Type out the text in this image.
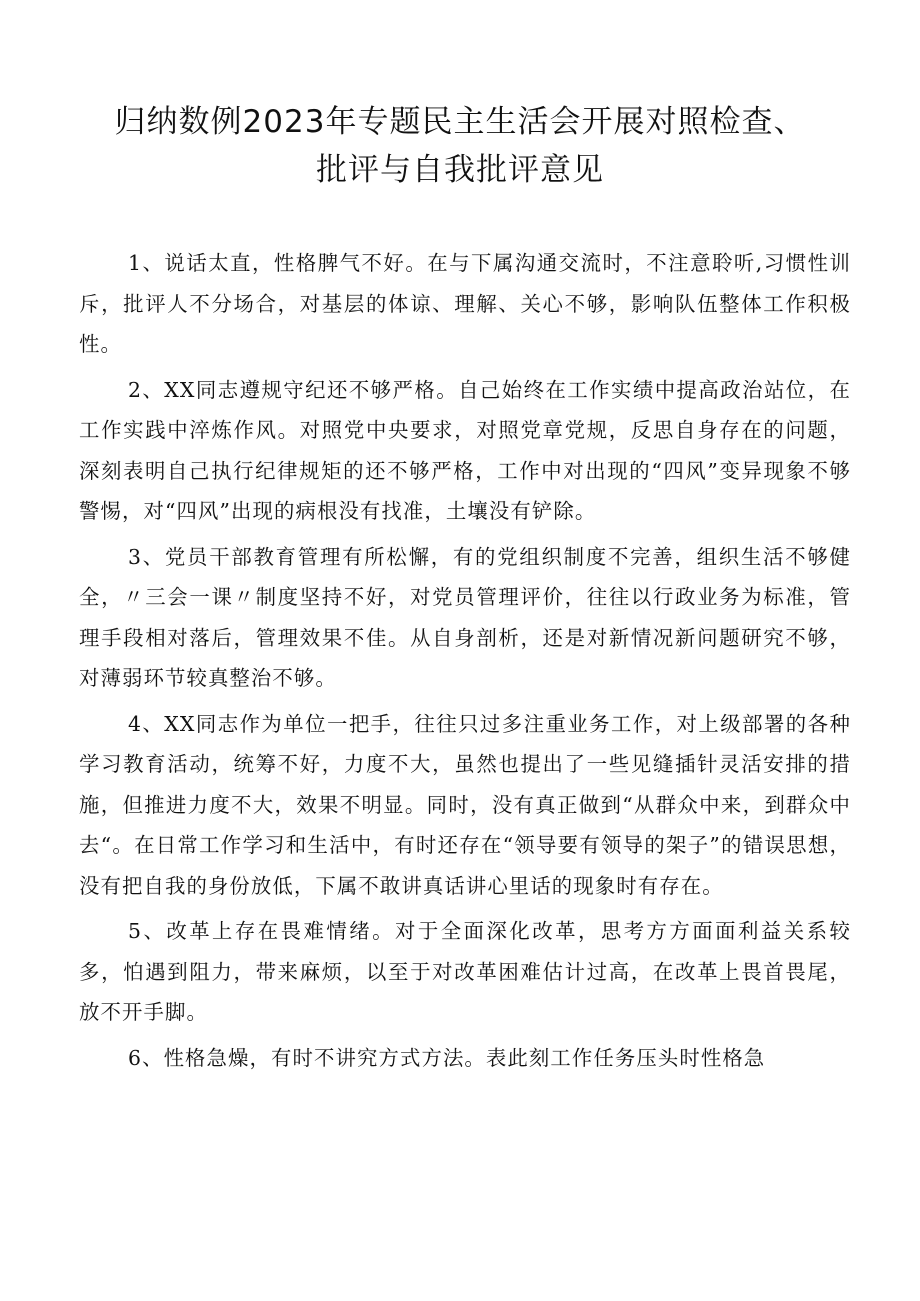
归纳数例2023年专题民主生活会开展对照检查、
批评与自我批评意见

1、说话太直，性格脾气不好。在与下属沟通交流时，不注意聆听,习惯性训斥，批评人不分场合，对基层的体谅、理解、关心不够，影响队伍整体工作积极性。

2、XX同志遵规守纪还不够严格。自己始终在工作实绩中提高政治站位，在工作实践中淬炼作风。对照党中央要求，对照党章党规，反思自身存在的问题，深刻表明自己执行纪律规矩的还不够严格，工作中对出现的“四风”变异现象不够警惕，对“四风”出现的病根没有找准，土壤没有铲除。

3、党员干部教育管理有所松懈，有的党组织制度不完善，组织生活不够健全，〃三会一课〃制度坚持不好，对党员管理评价，往往以行政业务为标准，管理手段相对落后，管理效果不佳。从自身剖析，还是对新情况新问题研究不够，对薄弱环节较真整治不够。

4、XX同志作为单位一把手，往往只过多注重业务工作，对上级部署的各种学习教育活动，统筹不好，力度不大，虽然也提出了一些见缝插针灵活安排的措施，但推进力度不大，效果不明显。同时，没有真正做到“从群众中来，到群众中去“。在日常工作学习和生活中，有时还存在“领导要有领导的架子”的错误思想，没有把自我的身份放低，下属不敢讲真话讲心里话的现象时有存在。

5、改革上存在畏难情绪。对于全面深化改革，思考方方面面利益关系较多，怕遇到阻力，带来麻烦，以至于对改革困难估计过高，在改革上畏首畏尾，放不开手脚。

6、性格急燥，有时不讲究方式方法。表此刻工作任务压头时性格急
